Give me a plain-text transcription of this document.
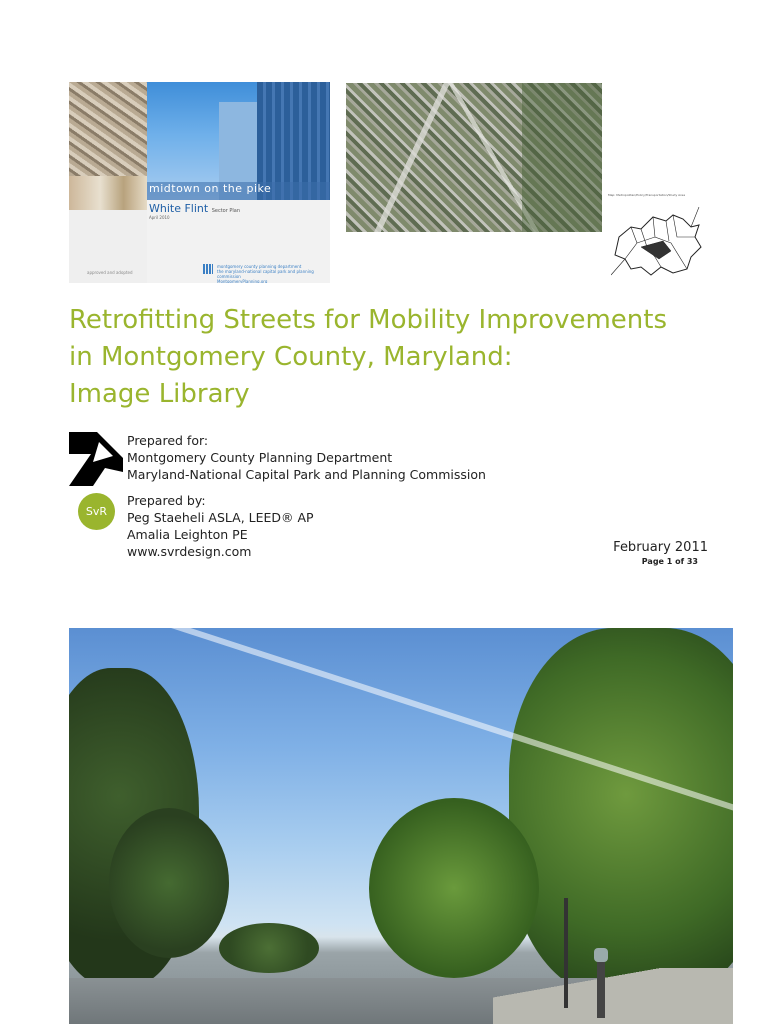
midtown on the pike
White Flint Sector Plan
April 2010
montgomery county planning department
the maryland-national capital park and planning commission
MontgomeryPlanning.org
approved and adopted
Map: Metropolitan/Policy/Transportation/Study Area
Retrofitting Streets for Mobility Improvements
in Montgomery County, Maryland:
Image Library
Prepared for:
Montgomery County Planning Department
Maryland-National Capital Park and Planning Commission
SvR
Prepared by:
Peg Staeheli ASLA, LEED® AP
Amalia Leighton PE
www.svrdesign.com	February 2011
Page 1 of 33
